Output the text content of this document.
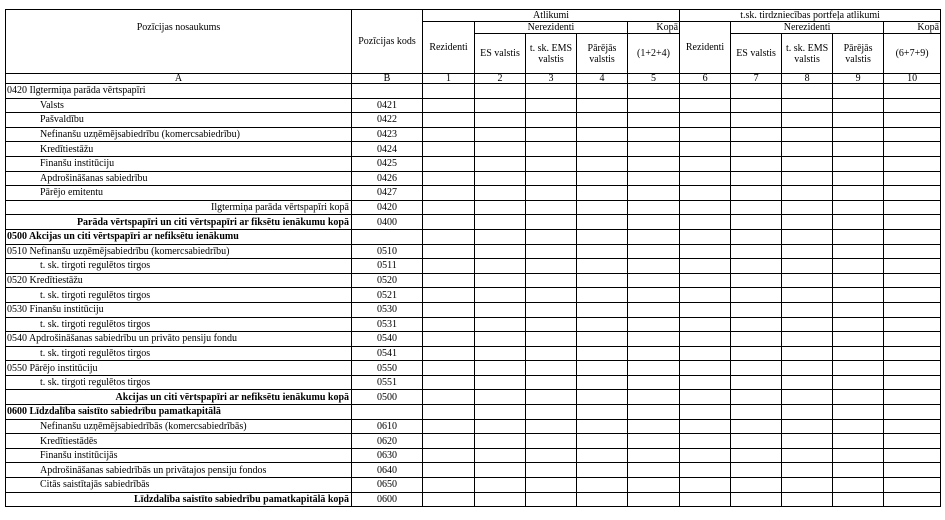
Pozīcijas nosaukums	Pozīcijas kods	Atlikumi					t.sk. tirdzniecības portfeļa atlikumi				
		Rezidenti	Nerezidenti			Kopā	Rezidenti	Nerezidenti			Kopā
			ES valstis	t. sk. EMS valstis	Pārējās valstis	(1+2+4)		ES valstis	t. sk. EMS valstis	Pārējās valstis	(6+7+9)
A	B	1	2	3	4	5	6	7	8	9	10
0420 Ilgtermiņa parāda vērtspapīri											
Valsts	0421										
Pašvaldību	0422										
Nefinanšu uzņēmējsabiedrību (komercsabiedrību)	0423										
Kredītiestāžu	0424										
Finanšu institūciju	0425										
Apdrošināšanas sabiedrību	0426										
Pārējo emitentu	0427										
Ilgtermiņa parāda vērtspapīri kopā	0420										
Parāda vērtspapīri un citi vērtspapīri ar fiksētu ienākumu kopā	0400										
0500 Akcijas un citi vērtspapīri ar nefiksētu ienākumu											
0510 Nefinanšu uzņēmējsabiedrību (komercsabiedrību)	0510										
t. sk. tirgoti regulētos tirgos	0511										
0520 Kredītiestāžu	0520										
t. sk. tirgoti regulētos tirgos	0521										
0530 Finanšu institūciju	0530										
t. sk. tirgoti regulētos tirgos	0531										
0540 Apdrošināšanas sabiedrību un privāto pensiju fondu	0540										
t. sk. tirgoti regulētos tirgos	0541										
0550 Pārējo institūciju	0550										
t. sk. tirgoti regulētos tirgos	0551										
Akcijas un citi vērtspapīri ar nefiksētu ienākumu kopā	0500										
0600 Līdzdalība saistīto sabiedrību pamatkapitālā											
Nefinanšu uzņēmējsabiedrībās (komercsabiedrībās)	0610										
Kredītiestādēs	0620										
Finanšu institūcijās	0630										
Apdrošināšanas sabiedrībās un privātajos pensiju fondos	0640										
Citās saistītajās sabiedrībās	0650										
Līdzdalība saistīto sabiedrību pamatkapitālā kopā	0600										
